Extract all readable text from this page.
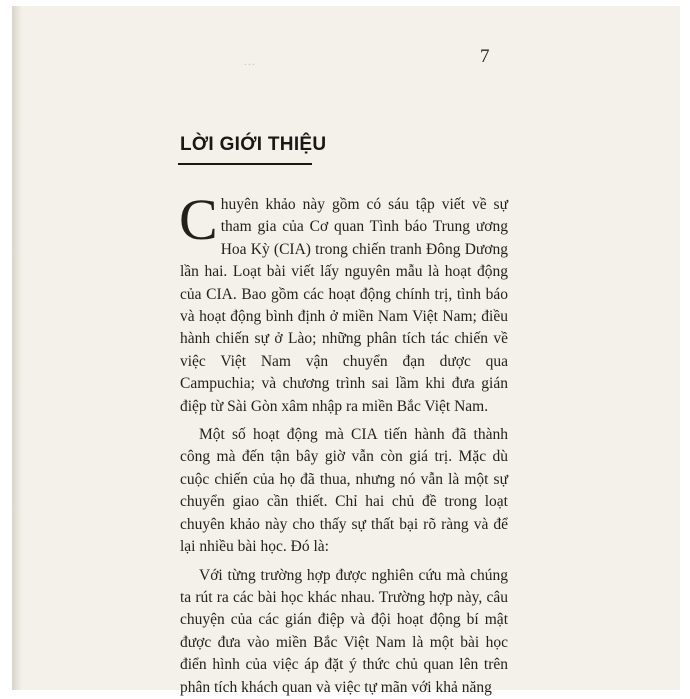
...	7
LỜI GIỚI THIỆU

Chuyên khảo này gồm có sáu tập viết về sự tham gia của Cơ quan Tình báo Trung ương Hoa Kỳ (CIA) trong chiến tranh Đông Dương lần hai. Loạt bài viết lấy nguyên mẫu là hoạt động của CIA. Bao gồm các hoạt động chính trị, tình báo và hoạt động bình định ở miền Nam Việt Nam; điều hành chiến sự ở Lào; những phân tích tác chiến về việc Việt Nam vận chuyển đạn dược qua Campuchia; và chương trình sai lầm khi đưa gián điệp từ Sài Gòn xâm nhập ra miền Bắc Việt Nam.

Một số hoạt động mà CIA tiến hành đã thành công mà đến tận bây giờ vẫn còn giá trị. Mặc dù cuộc chiến của họ đã thua, nhưng nó vẫn là một sự chuyển giao cần thiết. Chỉ hai chủ đề trong loạt chuyên khảo này cho thấy sự thất bại rõ ràng và để lại nhiều bài học. Đó là:

Với từng trường hợp được nghiên cứu mà chúng ta rút ra các bài học khác nhau. Trường hợp này, câu chuyện của các gián điệp và đội hoạt động bí mật được đưa vào miền Bắc Việt Nam là một bài học điển hình của việc áp đặt ý thức chủ quan lên trên phân tích khách quan và việc tự mãn với khả năng
